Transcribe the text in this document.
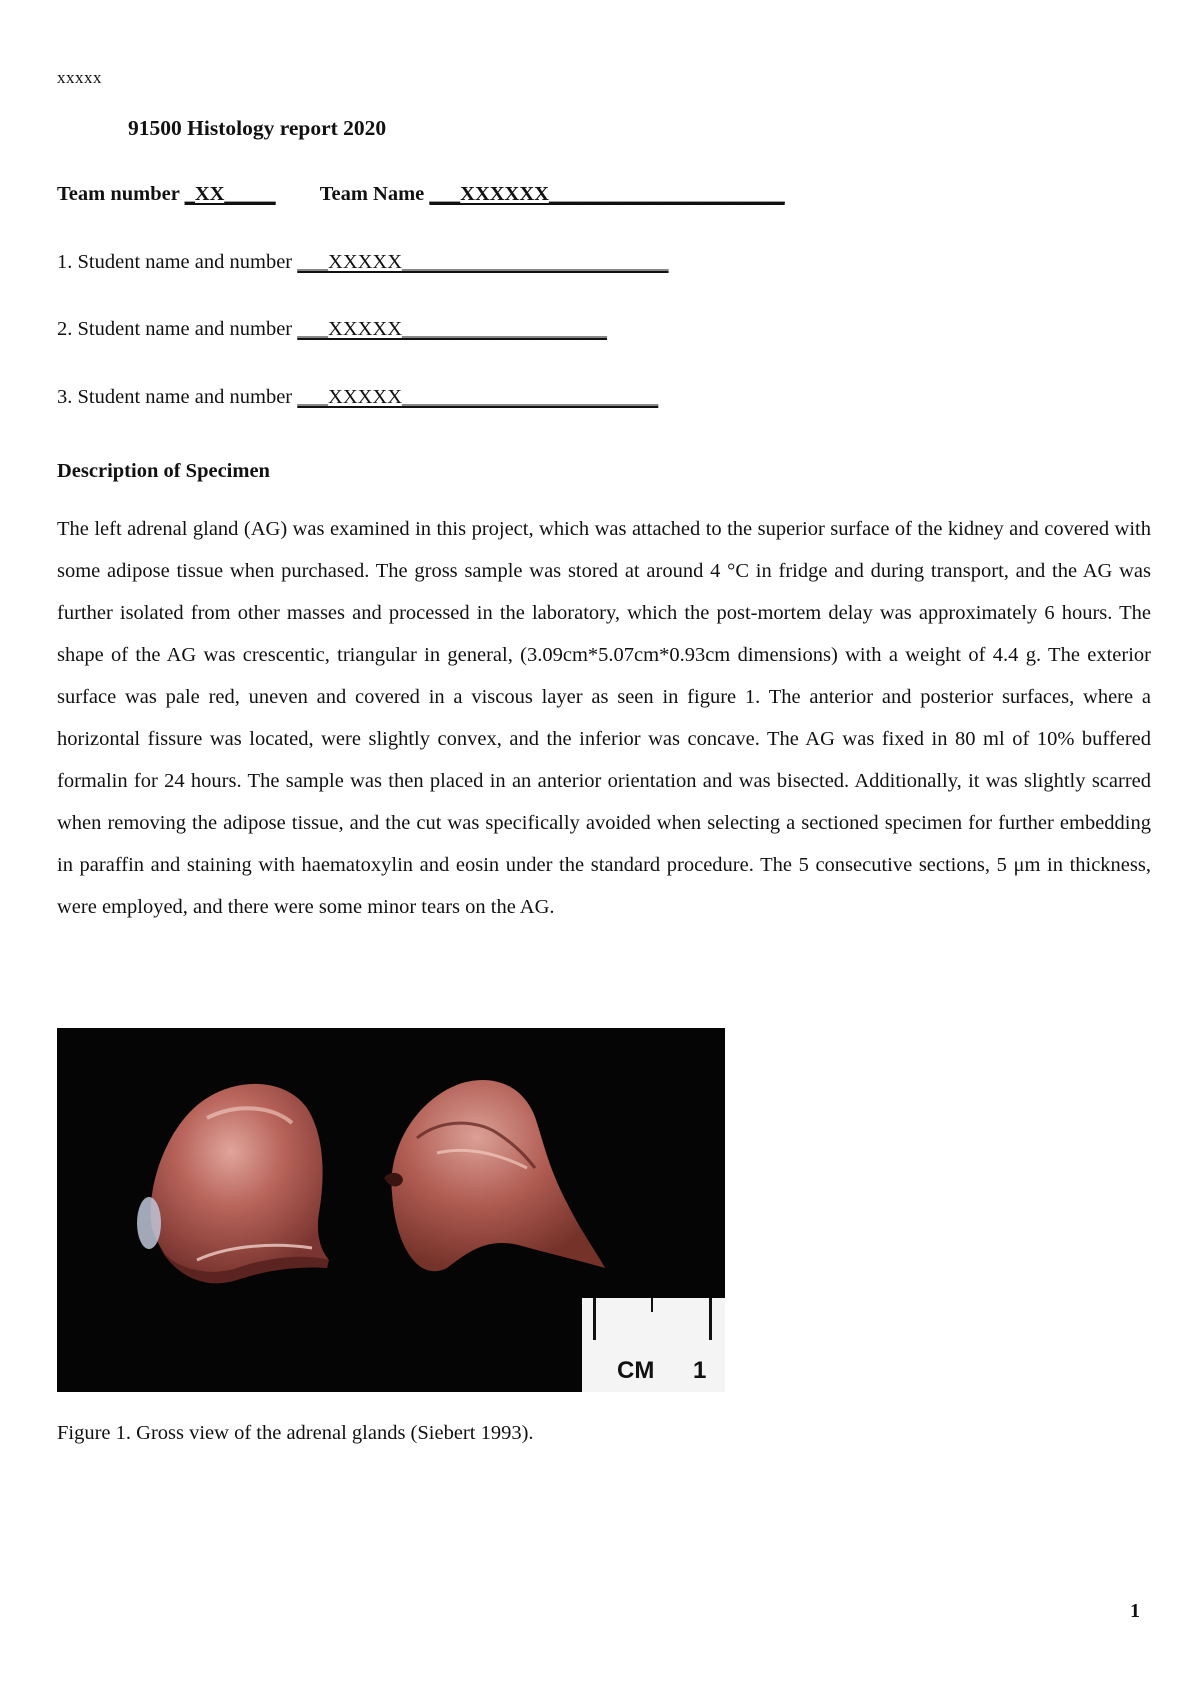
xxxxx
91500 Histology report 2020
Team number _XX_____ Team Name ___XXXXXX_______________________
1. Student name and number ___XXXXX__________________________
2. Student name and number ___XXXXX____________________
3. Student name and number ___XXXXX_________________________
Description of Specimen

The left adrenal gland (AG) was examined in this project, which was attached to the superior surface of the kidney and covered with some adipose tissue when purchased. The gross sample was stored at around 4 °C in fridge and during transport, and the AG was further isolated from other masses and processed in the laboratory, which the post-mortem delay was approximately 6 hours. The shape of the AG was crescentic, triangular in general, (3.09cm*5.07cm*0.93cm dimensions) with a weight of 4.4 g. The exterior surface was pale red, uneven and covered in a viscous layer as seen in figure 1. The anterior and posterior surfaces, where a horizontal fissure was located, were slightly convex, and the inferior was concave. The AG was fixed in 80 ml of 10% buffered formalin for 24 hours. The sample was then placed in an anterior orientation and was bisected. Additionally, it was slightly scarred when removing the adipose tissue, and the cut was specifically avoided when selecting a sectioned specimen for further embedding in paraffin and staining with haematoxylin and eosin under the standard procedure. The 5 consecutive sections, 5 μm in thickness, were employed, and there were some minor tears on the AG.

CM 1
Figure 1. Gross view of the adrenal glands (Siebert 1993).
1
